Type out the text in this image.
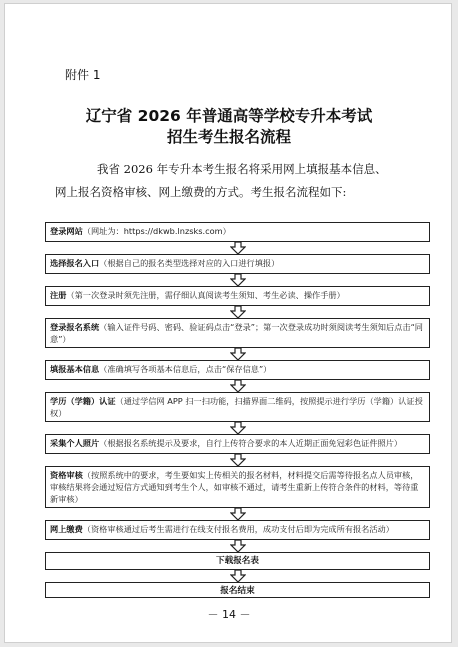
附件 1
辽宁省 2026 年普通高等学校专升本考试
招生考生报名流程
我省 2026 年专升本考生报名将采用网上填报基本信息、
网上报名资格审核、网上缴费的方式。考生报名流程如下:
登录网站（网址为：https://dkwb.lnzsks.com）
选择报名入口（根据自己的报名类型选择对应的入口进行填报）
注册（第一次登录时须先注册，需仔细认真阅读考生须知、考生必读、操作手册）
登录报名系统（输入证件号码、密码、验证码点击“登录”；第一次登录成功时须阅读考生须知后点击“同意”）
填报基本信息（准确填写各项基本信息后，点击“保存信息”）
学历（学籍）认证（通过学信网 APP 扫一扫功能，扫描界面二维码，按照提示进行学历（学籍）认证授权）
采集个人照片（根据报名系统提示及要求，自行上传符合要求的本人近期正面免冠彩色证件照片）
资格审核（按照系统中的要求，考生要如实上传相关的报名材料，材料提交后需等待报名点人员审核，审核结果将会通过短信方式通知到考生个人，如审核不通过，请考生重新上传符合条件的材料，等待重新审核）
网上缴费（资格审核通过后考生需进行在线支付报名费用，成功支付后即为完成所有报名活动）
下载报名表
报名结束
－ 14 －
